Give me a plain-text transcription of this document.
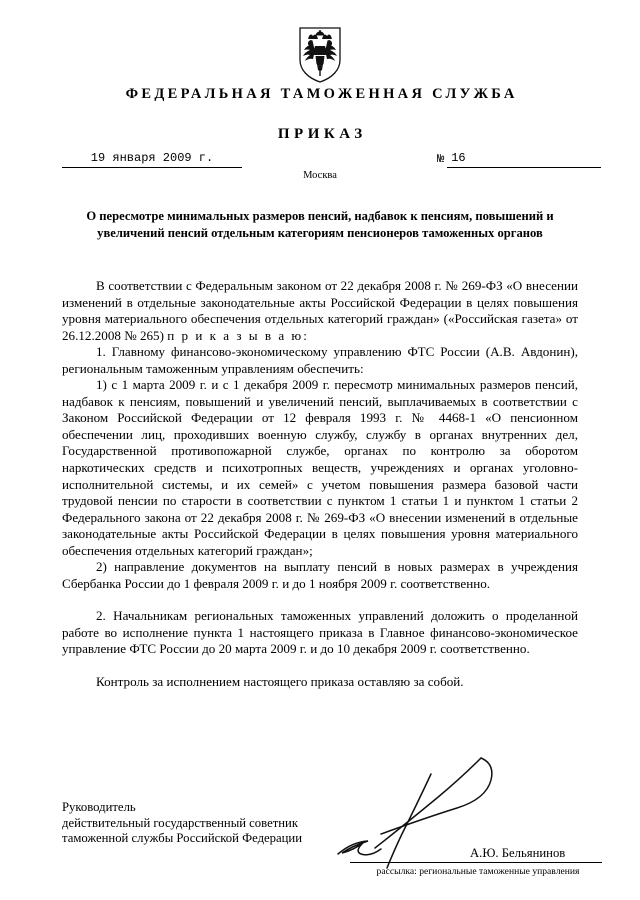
ФЕДЕРАЛЬНАЯ ТАМОЖЕННАЯ СЛУЖБА
ПРИКАЗ
19 января 2009 г.	№ 16
Москва
О пересмотре минимальных размеров пенсий, надбавок к пенсиям, повышений и увеличений пенсий отдельным категориям пенсионеров таможенных органов

В соответствии с Федеральным законом от 22 декабря 2008 г. № 269-ФЗ «О внесении изменений в отдельные законодательные акты Российской Федерации в целях повышения уровня материального обеспечения отдельных категорий граждан» («Российская газета» от 26.12.2008 № 265) п р и к а з ы в а ю:

1. Главному финансово-экономическому управлению ФТС России (А.В. Авдонин), региональным таможенным управлениям обеспечить:

1) с 1 марта 2009 г. и с 1 декабря 2009 г. пересмотр минимальных размеров пенсий, надбавок к пенсиям, повышений и увеличений пенсий, выплачиваемых в соответствии с Законом Российской Федерации от 12 февраля 1993 г. № 4468-1 «О пенсионном обеспечении лиц, проходивших военную службу, службу в органах внутренних дел, Государственной противопожарной службе, органах по контролю за оборотом наркотических средств и психотропных веществ, учреждениях и органах уголовно-исполнительной системы, и их семей» с учетом повышения размера базовой части трудовой пенсии по старости в соответствии с пунктом 1 статьи 1 и пунктом 1 статьи 2 Федерального закона от 22 декабря 2008 г. № 269-ФЗ «О внесении изменений в отдельные законодательные акты Российской Федерации в целях повышения уровня материального обеспечения отдельных категорий граждан»;

2) направление документов на выплату пенсий в новых размерах в учреждения Сбербанка России до 1 февраля 2009 г. и до 1 ноября 2009 г. соответственно.

2. Начальникам региональных таможенных управлений доложить о проделанной работе во исполнение пункта 1 настоящего приказа в Главное финансово-экономическое управление ФТС России до 20 марта 2009 г. и до 10 декабря 2009 г. соответственно.

Контроль за исполнением настоящего приказа оставляю за собой.

Руководитель
действительный государственный советник
таможенной службы Российской Федерации
А.Ю. Бельянинов
рассылка: региональные таможенные управления
